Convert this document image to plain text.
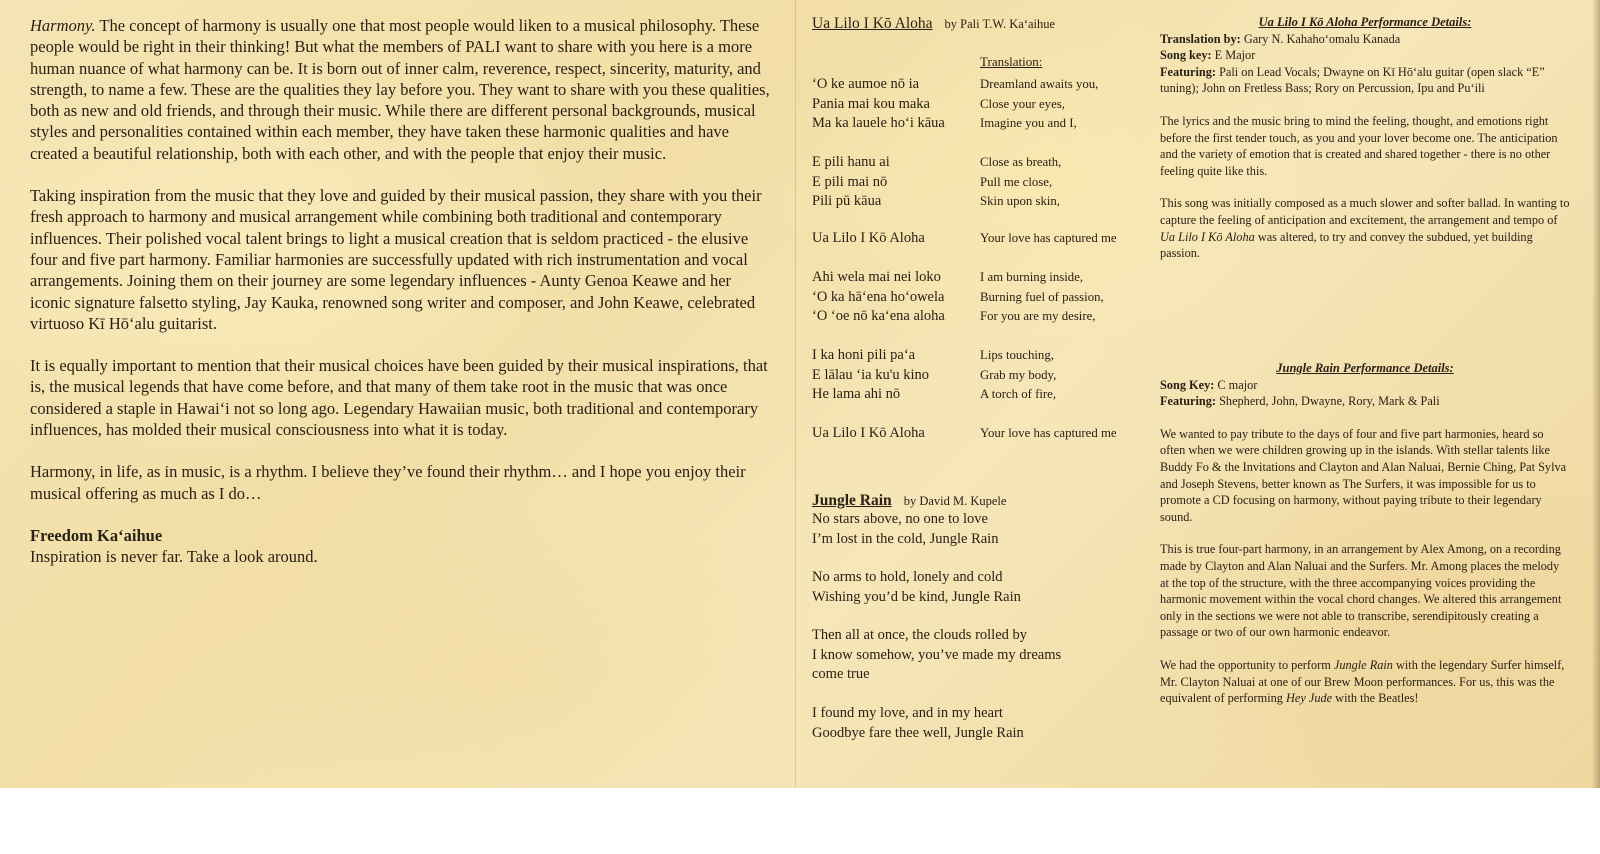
Harmony. The concept of harmony is usually one that most people would liken to a musical philosophy. These people would be right in their thinking! But what the members of PALI want to share with you here is a more human nuance of what harmony can be. It is born out of inner calm, reverence, respect, sincerity, maturity, and strength, to name a few. These are the qualities they lay before you. They want to share with you these qualities, both as new and old friends, and through their music. While there are different personal backgrounds, musical styles and personalities contained within each member, they have taken these harmonic qualities and have created a beautiful relationship, both with each other, and with the people that enjoy their music.

Taking inspiration from the music that they love and guided by their musical passion, they share with you their fresh approach to harmony and musical arrangement while combining both traditional and contemporary influences. Their polished vocal talent brings to light a musical creation that is seldom practiced - the elusive four and five part harmony. Familiar harmonies are successfully updated with rich instrumentation and vocal arrangements. Joining them on their journey are some legendary influences - Aunty Genoa Keawe and her iconic signature falsetto styling, Jay Kauka, renowned song writer and composer, and John Keawe, celebrated virtuoso Kī Hōʻalu guitarist.

It is equally important to mention that their musical choices have been guided by their musical inspirations, that is, the musical legends that have come before, and that many of them take root in the music that was once considered a staple in Hawaiʻi not so long ago. Legendary Hawaiian music, both traditional and contemporary influences, has molded their musical consciousness into what it is today.

Harmony, in life, as in music, is a rhythm. I believe they’ve found their rhythm… and I hope you enjoy their musical offering as much as I do…

Freedom Kaʻaihue
Inspiration is never far. Take a look around.

Ua Lilo I Kō Aloha by Pali T.W. Kaʻaihue
Translation:
ʻO ke aumoe nō ia	Dreamland awaits you,
Pania mai kou maka	Close your eyes,
Ma ka lauele hoʻi kāua	Imagine you and I,
E pili hanu ai	Close as breath,
E pili mai nō	Pull me close,
Pili pū kāua	Skin upon skin,
Ua Lilo I Kō Aloha	Your love has captured me
Ahi wela mai nei loko	I am burning inside,
ʻO ka hāʻena hoʻowela	Burning fuel of passion,
ʻO ʻoe nō kaʻena aloha	For you are my desire,
I ka honi pili paʻa	Lips touching,
E lālau ʻia ku'u kino	Grab my body,
He lama ahi nō	A torch of fire,
Ua Lilo I Kō Aloha	Your love has captured me
Jungle Rain by David M. Kupele
No stars above, no one to love
I’m lost in the cold, Jungle Rain
No arms to hold, lonely and cold
Wishing you’d be kind, Jungle Rain
Then all at once, the clouds rolled by
I know somehow, you’ve made my dreams
come true
I found my love, and in my heart
Goodbye fare thee well, Jungle Rain
Ua Lilo I Kō Aloha Performance Details:
Translation by: Gary N. Kahahoʻomalu Kanada
Song key: E Major
Featuring: Pali on Lead Vocals; Dwayne on Kī Hōʻalu guitar (open slack “E” tuning); John on Fretless Bass; Rory on Percussion, Ipu and Puʻili

The lyrics and the music bring to mind the feeling, thought, and emotions right before the first tender touch, as you and your lover become one. The anticipation and the variety of emotion that is created and shared together - there is no other feeling quite like this.

This song was initially composed as a much slower and softer ballad. In wanting to capture the feeling of anticipation and excitement, the arrangement and tempo of Ua Lilo I Kō Aloha was altered, to try and convey the subdued, yet building passion.

Jungle Rain Performance Details:
Song Key: C major
Featuring: Shepherd, John, Dwayne, Rory, Mark & Pali

We wanted to pay tribute to the days of four and five part harmonies, heard so often when we were children growing up in the islands. With stellar talents like Buddy Fo & the Invitations and Clayton and Alan Naluai, Bernie Ching, Pat Sylva and Joseph Stevens, better known as The Surfers, it was impossible for us to promote a CD focusing on harmony, without paying tribute to their legendary sound.

This is true four-part harmony, in an arrangement by Alex Among, on a recording made by Clayton and Alan Naluai and the Surfers. Mr. Among places the melody at the top of the structure, with the three accompanying voices providing the harmonic movement within the vocal chord changes. We altered this arrangement only in the sections we were not able to transcribe, serendipitously creating a passage or two of our own harmonic endeavor.

We had the opportunity to perform Jungle Rain with the legendary Surfer himself, Mr. Clayton Naluai at one of our Brew Moon performances. For us, this was the equivalent of performing Hey Jude with the Beatles!
